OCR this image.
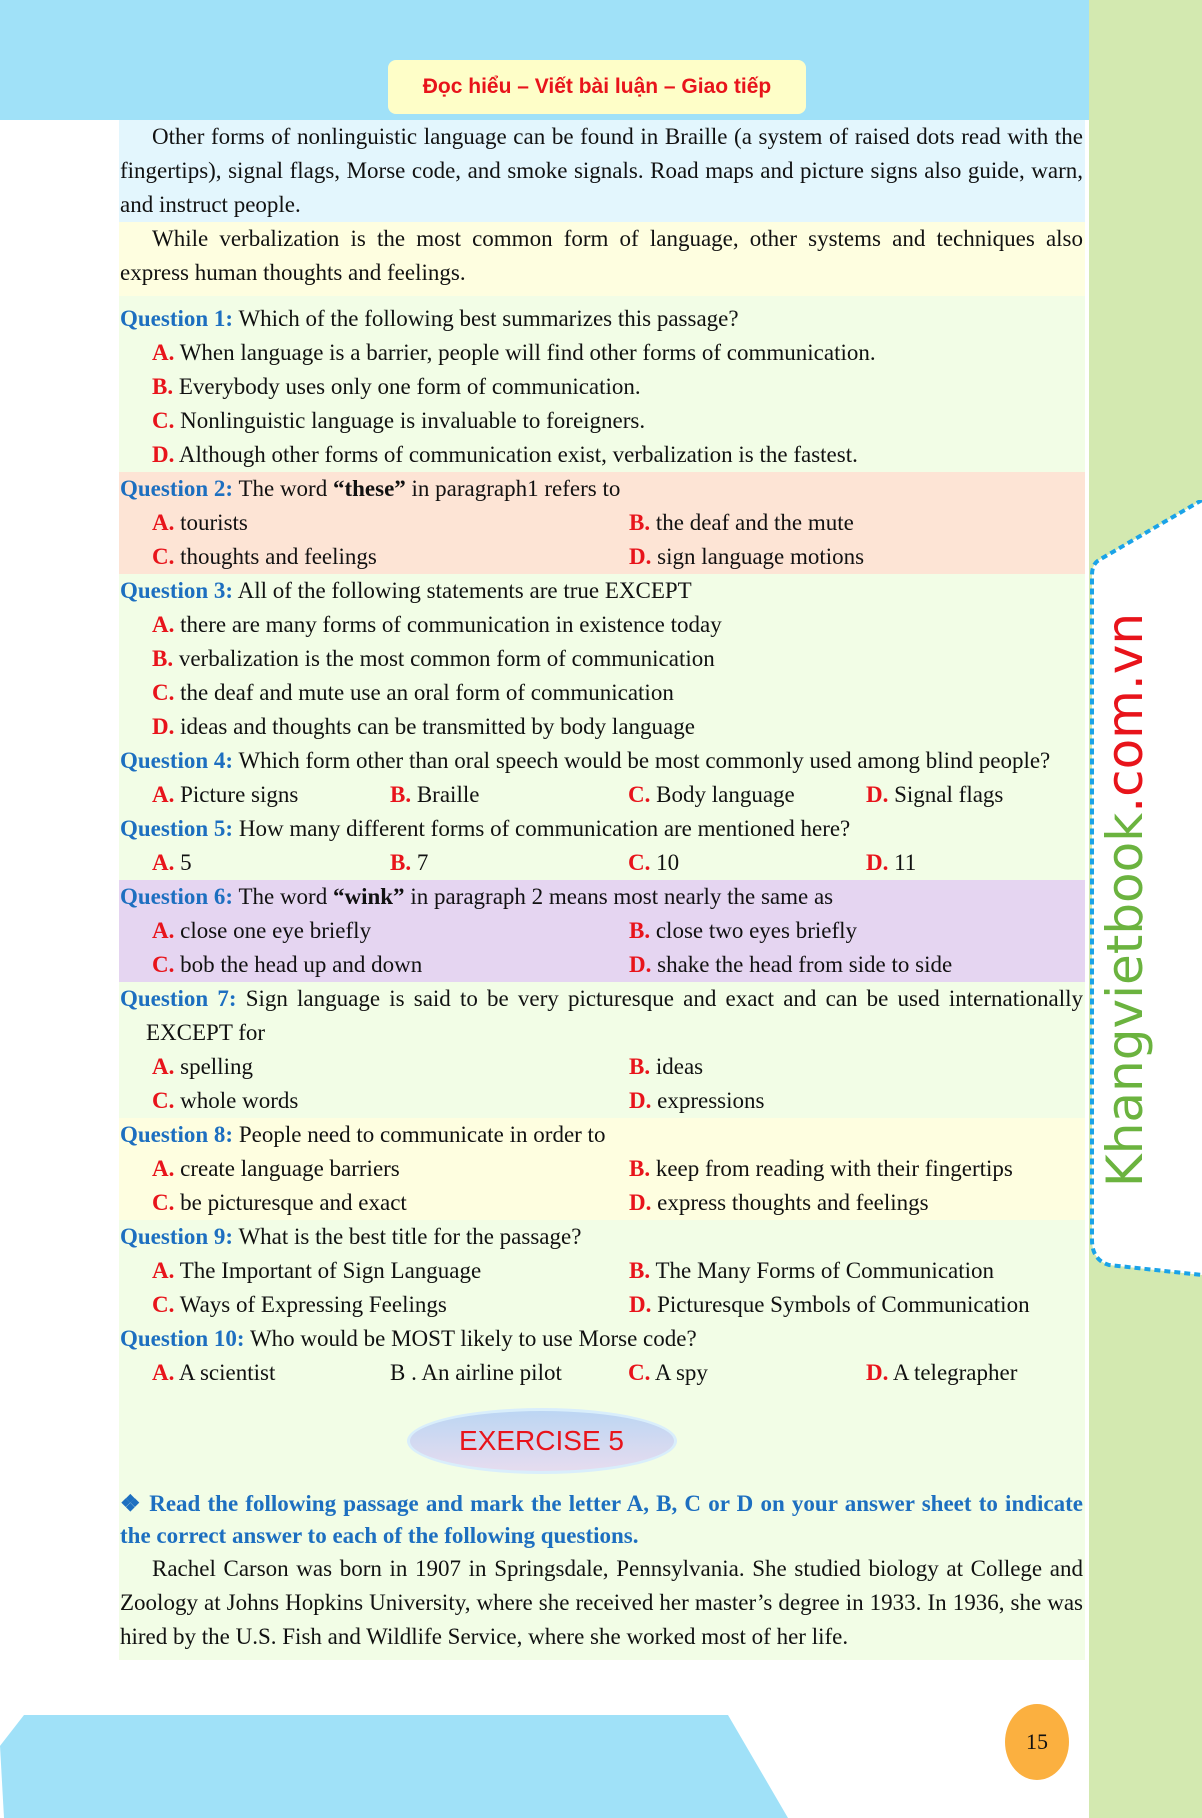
Đọc hiểu – Viết bài luận – Giao tiếp
Khangvietbook.com.vn
Other forms of nonlinguistic language can be found in Braille (a system of raised dots read with the fingertips), signal flags, Morse code, and smoke signals. Road maps and picture signs also guide, warn, and instruct people.
While verbalization is the most common form of language, other systems and techniques also express human thoughts and feelings.
Question 1: Which of the following best summarizes this passage?
A. When language is a barrier, people will find other forms of communication.
B. Everybody uses only one form of communication.
C. Nonlinguistic language is invaluable to foreigners.
D. Although other forms of communication exist, verbalization is the fastest.
Question 2: The word “these” in paragraph1 refers to
A. tourists	B. the deaf and the mute
C. thoughts and feelings	D. sign language motions
Question 3: All of the following statements are true EXCEPT
A. there are many forms of communication in existence today
B. verbalization is the most common form of communication
C. the deaf and mute use an oral form of communication
D. ideas and thoughts can be transmitted by body language
Question 4: Which form other than oral speech would be most commonly used among blind people?
A. Picture signs	B. Braille	C. Body language	D. Signal flags
Question 5: How many different forms of communication are mentioned here?
A. 5	B. 7	C. 10	D. 11
Question 6: The word “wink” in paragraph 2 means most nearly the same as
A. close one eye briefly	B. close two eyes briefly
C. bob the head up and down	D. shake the head from side to side
Question 7: Sign language is said to be very picturesque and exact and can be used internationally EXCEPT for
A. spelling	B. ideas
C. whole words	D. expressions
Question 8: People need to communicate in order to
A. create language barriers	B. keep from reading with their fingertips
C. be picturesque and exact	D. express thoughts and feelings
Question 9: What is the best title for the passage?
A. The Important of Sign Language	B. The Many Forms of Communication
C. Ways of Expressing Feelings	D. Picturesque Symbols of Communication
Question 10: Who would be MOST likely to use Morse code?
A. A scientist	B . An airline pilot	C. A spy	D. A telegrapher
EXERCISE 5
❖ Read the following passage and mark the letter A, B, C or D on your answer sheet to indicate the correct answer to each of the following questions.
Rachel Carson was born in 1907 in Springsdale, Pennsylvania. She studied biology at College and Zoology at Johns Hopkins University, where she received her master’s degree in 1933. In 1936, she was hired by the U.S. Fish and Wildlife Service, where she worked most of her life.
15
